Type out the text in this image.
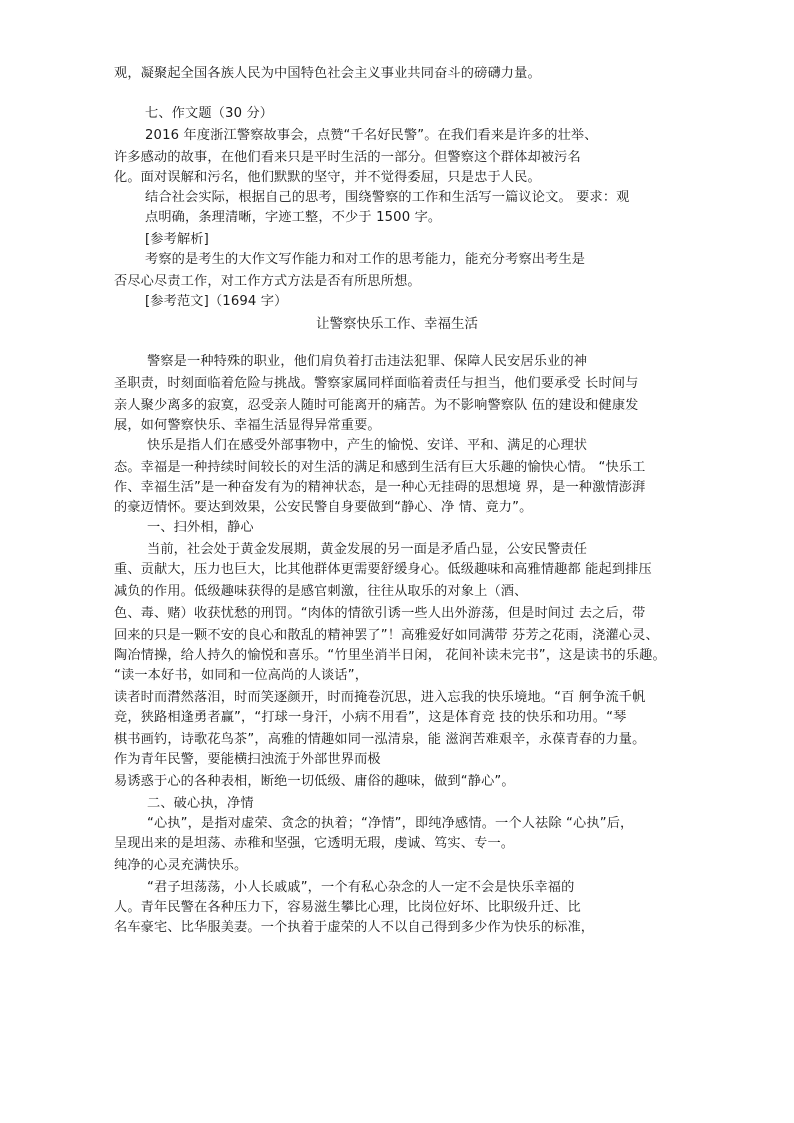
观，凝聚起全国各族人民为中国特色社会主义事业共同奋斗的磅礴力量。
七、作文题（30 分）
2016 年度浙江警察故事会，点赞“千名好民警”。在我们看来是许多的壮举、
许多感动的故事，在他们看来只是平时生活的一部分。但警察这个群体却被污名
化。面对误解和污名，他们默默的坚守，并不觉得委屈，只是忠于人民。
结合社会实际，根据自己的思考，围绕警察的工作和生活写一篇议论文。 要求：观
点明确，条理清晰，字迹工整，不少于 1500 字。
[参考解析]
考察的是考生的大作文写作能力和对工作的思考能力，能充分考察出考生是
否尽心尽责工作，对工作方式方法是否有所思所想。
[参考范文]（1694 字）
让警察快乐工作、幸福生活
警察是一种特殊的职业，他们肩负着打击违法犯罪、保障人民安居乐业的神
圣职责，时刻面临着危险与挑战。警察家属同样面临着责任与担当，他们要承受 长时间与
亲人聚少离多的寂寞，忍受亲人随时可能离开的痛苦。为不影响警察队 伍的建设和健康发
展，如何警察快乐、幸福生活显得异常重要。
快乐是指人们在感受外部事物中，产生的愉悦、安详、平和、满足的心理状
态。幸福是一种持续时间较长的对生活的满足和感到生活有巨大乐趣的愉快心情。 “快乐工
作、幸福生活”是一种奋发有为的精神状态，是一种心无挂碍的思想境 界，是一种激情澎湃
的豪迈情怀。要达到效果，公安民警自身要做到“静心、净 情、竟力”。
一、扫外相，静心
当前，社会处于黄金发展期，黄金发展的另一面是矛盾凸显，公安民警责任
重、贡献大，压力也巨大，比其他群体更需要舒缓身心。低级趣味和高雅情趣都 能起到排压
减负的作用。低级趣味获得的是感官刺激，往往从取乐的对象上（酒、
色、毒、赌）收获忧愁的刑罚。“肉体的情欲引诱一些人出外游荡，但是时间过 去之后，带
回来的只是一颗不安的良心和散乱的精神罢了”！高雅爱好如同满带 芬芳之花雨，浇灌心灵、
陶冶情操，给人持久的愉悦和喜乐。“竹里坐消半日闲， 花间补读未完书”，这是读书的乐趣。
“读一本好书，如同和一位高尚的人谈话”，
读者时而潸然落泪，时而笑逐颜开，时而掩卷沉思，进入忘我的快乐境地。“百 舸争流千帆
竞，狭路相逢勇者赢”，“打球一身汗，小病不用看”，这是体育竞 技的快乐和功用。“琴
棋书画钓，诗歌花鸟茶”，高雅的情趣如同一泓清泉，能 滋润苦难艰辛，永葆青春的力量。
作为青年民警，要能横扫浊流于外部世界而极
易诱惑于心的各种表相，断绝一切低级、庸俗的趣味，做到“静心”。
二、破心执，净情
“心执”，是指对虚荣、贪念的执着；“净情”，即纯净感情。一个人祛除 “心执”后，
呈现出来的是坦荡、赤稚和坚强，它透明无瑕，虔诚、笃实、专一。
纯净的心灵充满快乐。
“君子坦荡荡，小人长戚戚”，一个有私心杂念的人一定不会是快乐幸福的
人。青年民警在各种压力下，容易滋生攀比心理，比岗位好坏、比职级升迁、比
名车豪宅、比华服美妻。一个执着于虚荣的人不以自己得到多少作为快乐的标准，
